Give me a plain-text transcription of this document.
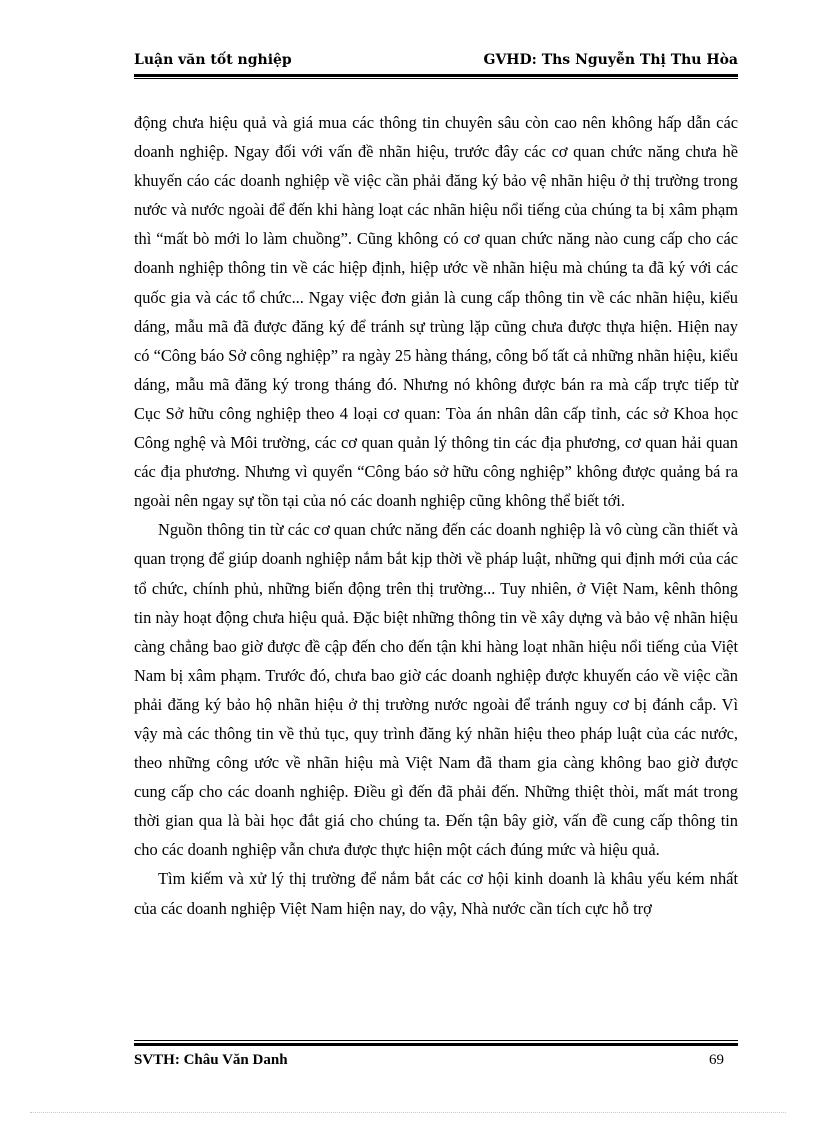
Luận văn tốt nghiệp	GVHD: Ths Nguyễn Thị Thu Hòa

động chưa hiệu quả và giá mua các thông tin chuyên sâu còn cao nên không hấp dẫn các doanh nghiệp. Ngay đối với vấn đề nhãn hiệu, trước đây các cơ quan chức năng chưa hề khuyến cáo các doanh nghiệp về việc cần phải đăng ký bảo vệ nhãn hiệu ở thị trường trong nước và nước ngoài để đến khi hàng loạt các nhãn hiệu nổi tiếng của chúng ta bị xâm phạm thì “mất bò mới lo làm chuồng”. Cũng không có cơ quan chức năng nào cung cấp cho các doanh nghiệp thông tin về các hiệp định, hiệp ước về nhãn hiệu mà chúng ta đã ký với các quốc gia và các tổ chức... Ngay việc đơn giản là cung cấp thông tin về các nhãn hiệu, kiểu dáng, mẫu mã đã được đăng ký để tránh sự trùng lặp cũng chưa được thựa hiện. Hiện nay có “Công báo Sở công nghiệp” ra ngày 25 hàng tháng, công bố tất cả những nhãn hiệu, kiểu dáng, mẫu mã đăng ký trong tháng đó. Nhưng nó không được bán ra mà cấp trực tiếp từ Cục Sở hữu công nghiệp theo 4 loại cơ quan: Tòa án nhân dân cấp tỉnh, các sở Khoa học Công nghệ và Môi trường, các cơ quan quản lý thông tin các địa phương, cơ quan hải quan các địa phương. Nhưng vì quyển “Công báo sở hữu công nghiệp” không được quảng bá ra ngoài nên ngay sự tồn tại của nó các doanh nghiệp cũng không thể biết tới.

Nguồn thông tin từ các cơ quan chức năng đến các doanh nghiệp là vô cùng cần thiết và quan trọng để giúp doanh nghiệp nắm bắt kịp thời về pháp luật, những qui định mới của các tổ chức, chính phủ, những biến động trên thị trường... Tuy nhiên, ở Việt Nam, kênh thông tin này hoạt động chưa hiệu quả. Đặc biệt những thông tin về xây dựng và bảo vệ nhãn hiệu càng chẳng bao giờ được đề cập đến cho đến tận khi hàng loạt nhãn hiệu nổi tiếng của Việt Nam bị xâm phạm. Trước đó, chưa bao giờ các doanh nghiệp được khuyến cáo về việc cần phải đăng ký bảo hộ nhãn hiệu ở thị trường nước ngoài để tránh nguy cơ bị đánh cắp. Vì vậy mà các thông tin về thủ tục, quy trình đăng ký nhãn hiệu theo pháp luật của các nước, theo những công ước về nhãn hiệu mà Việt Nam đã tham gia càng không bao giờ được cung cấp cho các doanh nghiệp. Điều gì đến đã phải đến. Những thiệt thòi, mất mát trong thời gian qua là bài học đắt giá cho chúng ta. Đến tận bây giờ, vấn đề cung cấp thông tin cho các doanh nghiệp vẫn chưa được thực hiện một cách đúng mức và hiệu quả.

Tìm kiếm và xử lý thị trường để nắm bắt các cơ hội kinh doanh là khâu yếu kém nhất của các doanh nghiệp Việt Nam hiện nay, do vậy, Nhà nước cần tích cực hỗ trợ

SVTH: Châu Văn Danh	69
